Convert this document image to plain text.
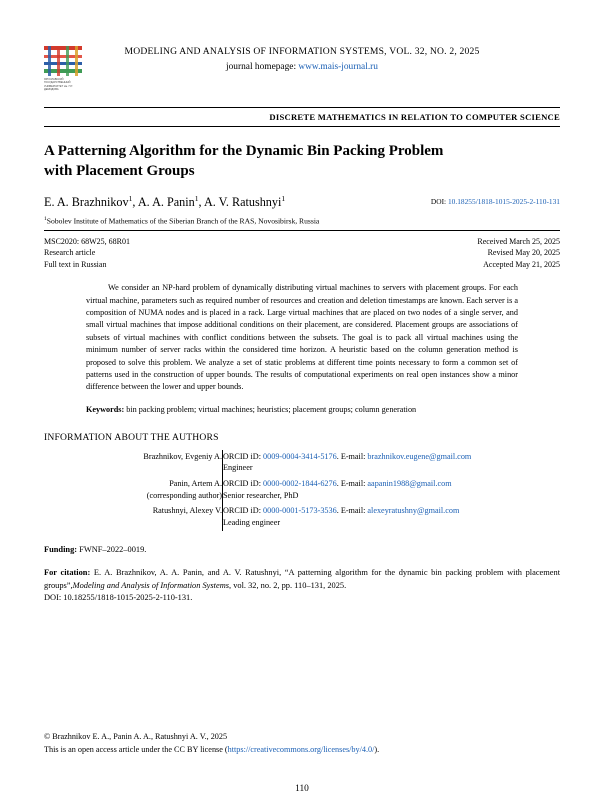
ЯРОСЛАВСКИЙ ГОСУДАРСТВЕННЫЙ УНИВЕРСИТЕТ им. П.Г. ДЕМИДОВА
MODELING AND ANALYSIS OF INFORMATION SYSTEMS, VOL. 32, NO. 2, 2025
journal homepage: www.mais-journal.ru
DISCRETE MATHEMATICS IN RELATION TO COMPUTER SCIENCE
A Patterning Algorithm for the Dynamic Bin Packing Problem
with Placement Groups
E. A. Brazhnikov$^1$, A. A. Panin$^1$, A. V. Ratushnyi$^1$	DOI: 10.18255/1818-1015-2025-2-110-131
$^1$Sobolev Institute of Mathematics of the Siberian Branch of the RAS, Novosibirsk, Russia
MSC2020: 68W25, 68R01
Research article
Full text in Russian
Received March 25, 2025
Revised May 20, 2025
Accepted May 21, 2025
We consider an NP-hard problem of dynamically distributing virtual machines to servers with placement groups. For each virtual machine, parameters such as required number of resources and creation and deletion timestamps are known. Each server is a composition of NUMA nodes and is placed in a rack. Large virtual machines that are placed on two nodes of a single server, and small virtual machines that impose additional conditions on their placement, are considered. Placement groups are associations of subsets of virtual machines with conflict conditions between the subsets. The goal is to pack all virtual machines using the minimum number of server racks within the considered time horizon. A heuristic based on the column generation method is proposed to solve this problem. We analyze a set of static problems at different time points necessary to form a common set of patterns used in the construction of upper bounds. The results of computational experiments on real open instances show a minor difference between the lower and upper bounds.
Keywords: bin packing problem; virtual machines; heuristics; placement groups; column generation
INFORMATION ABOUT THE AUTHORS
Brazhnikov, Evgeniy A.	ORCID iD: 0009-0004-3414-5176. E-mail: brazhnikov.eugene@gmail.com
Engineer

Panin, Artem A.
(corresponding author)	ORCID iD: 0000-0002-1844-6276. E-mail: aapanin1988@gmail.com
Senior researcher, PhD

Ratushnyi, Alexey V.	ORCID iD: 0000-0001-5173-3536. E-mail: alexeyratushny@gmail.com
Leading engineer
Funding: FWNF–2022–0019.
For citation: E. A. Brazhnikov, A. A. Panin, and A. V. Ratushnyi, “A patterning algorithm for the dynamic bin packing problem with placement groups”,Modeling and Analysis of Information Systems, vol. 32, no. 2, pp. 110–131, 2025.
DOI: 10.18255/1818-1015-2025-2-110-131.
© Brazhnikov E. A., Panin A. A., Ratushnyi A. V., 2025
This is an open access article under the CC BY license (https://creativecommons.org/licenses/by/4.0/).
110
